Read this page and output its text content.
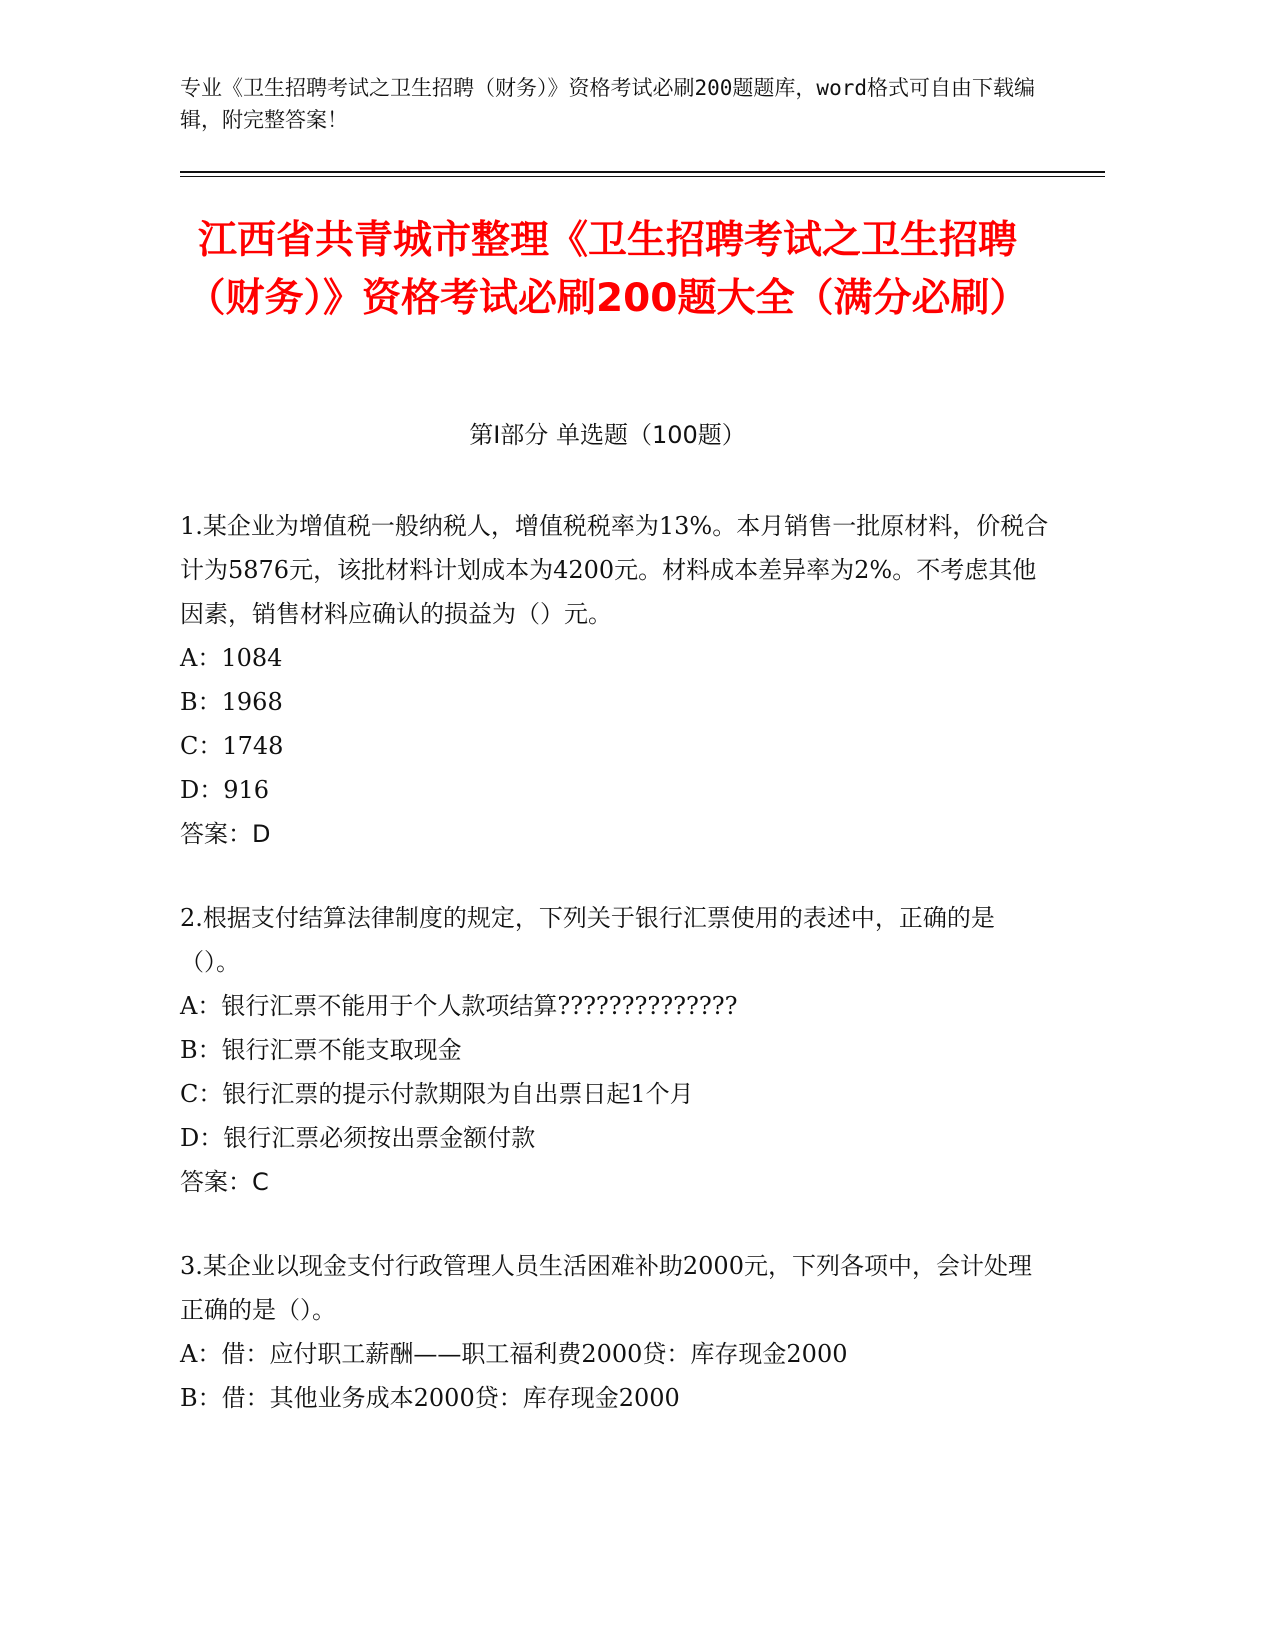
专业《卫生招聘考试之卫生招聘（财务）》资格考试必刷200题题库，word格式可自由下载编辑，附完整答案！
江西省共青城市整理《卫生招聘考试之卫生招聘（财务）》资格考试必刷200题大全（满分必刷）
第Ⅰ部分 单选题（100题）

1.某企业为增值税一般纳税人，增值税税率为13%。本月销售一批原材料，价税合计为5876元，该批材料计划成本为4200元。材料成本差异率为2%。不考虑其他因素，销售材料应确认的损益为（）元。

A：1084

B：1968

C：1748

D：916

答案：D

2.根据支付结算法律制度的规定，下列关于银行汇票使用的表述中，正确的是（）。

A：银行汇票不能用于个人款项结算??????????????

B：银行汇票不能支取现金

C：银行汇票的提示付款期限为自出票日起1个月

D：银行汇票必须按出票金额付款

答案：C

3.某企业以现金支付行政管理人员生活困难补助2000元，下列各项中，会计处理正确的是（）。

A：借：应付职工薪酬——职工福利费2000贷：库存现金2000

B：借：其他业务成本2000贷：库存现金2000
